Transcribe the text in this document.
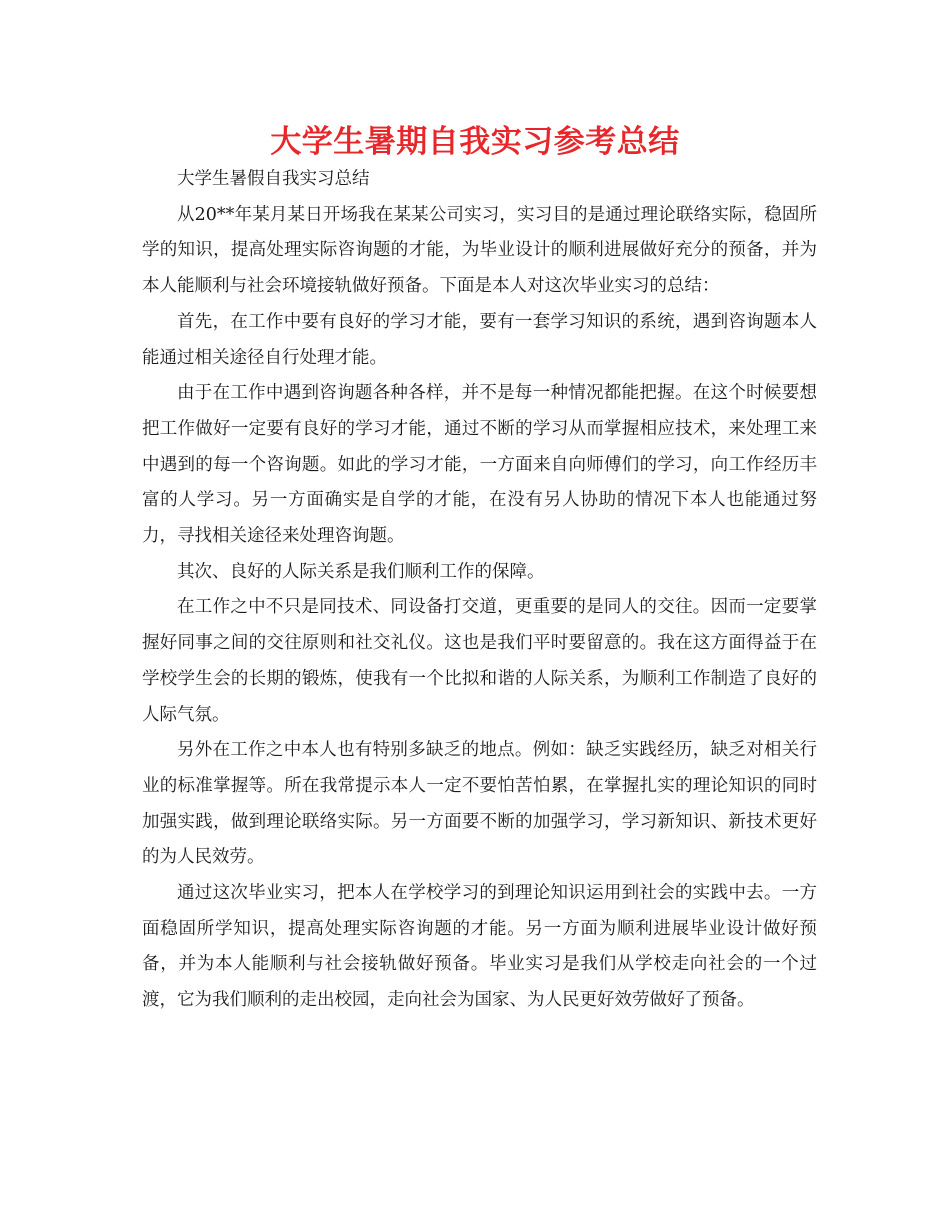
大学生暑期自我实习参考总结

大学生暑假自我实习总结

从20**年某月某日开场我在某某公司实习，实习目的是通过理论联络实际，稳固所学的知识，提高处理实际咨询题的才能，为毕业设计的顺利进展做好充分的预备，并为本人能顺利与社会环境接轨做好预备。下面是本人对这次毕业实习的总结：

首先，在工作中要有良好的学习才能，要有一套学习知识的系统，遇到咨询题本人能通过相关途径自行处理才能。

由于在工作中遇到咨询题各种各样，并不是每一种情况都能把握。在这个时候要想把工作做好一定要有良好的学习才能，通过不断的学习从而掌握相应技术，来处理工来中遇到的每一个咨询题。如此的学习才能，一方面来自向师傅们的学习，向工作经历丰富的人学习。另一方面确实是自学的才能，在没有另人协助的情况下本人也能通过努力，寻找相关途径来处理咨询题。

其次、良好的人际关系是我们顺利工作的保障。

在工作之中不只是同技术、同设备打交道，更重要的是同人的交往。因而一定要掌握好同事之间的交往原则和社交礼仪。这也是我们平时要留意的。我在这方面得益于在学校学生会的长期的锻炼，使我有一个比拟和谐的人际关系，为顺利工作制造了良好的人际气氛。

另外在工作之中本人也有特别多缺乏的地点。例如：缺乏实践经历，缺乏对相关行业的标准掌握等。所在我常提示本人一定不要怕苦怕累，在掌握扎实的理论知识的同时加强实践，做到理论联络实际。另一方面要不断的加强学习，学习新知识、新技术更好的为人民效劳。

通过这次毕业实习，把本人在学校学习的到理论知识运用到社会的实践中去。一方面稳固所学知识，提高处理实际咨询题的才能。另一方面为顺利进展毕业设计做好预备，并为本人能顺利与社会接轨做好预备。毕业实习是我们从学校走向社会的一个过渡，它为我们顺利的走出校园，走向社会为国家、为人民更好效劳做好了预备。
